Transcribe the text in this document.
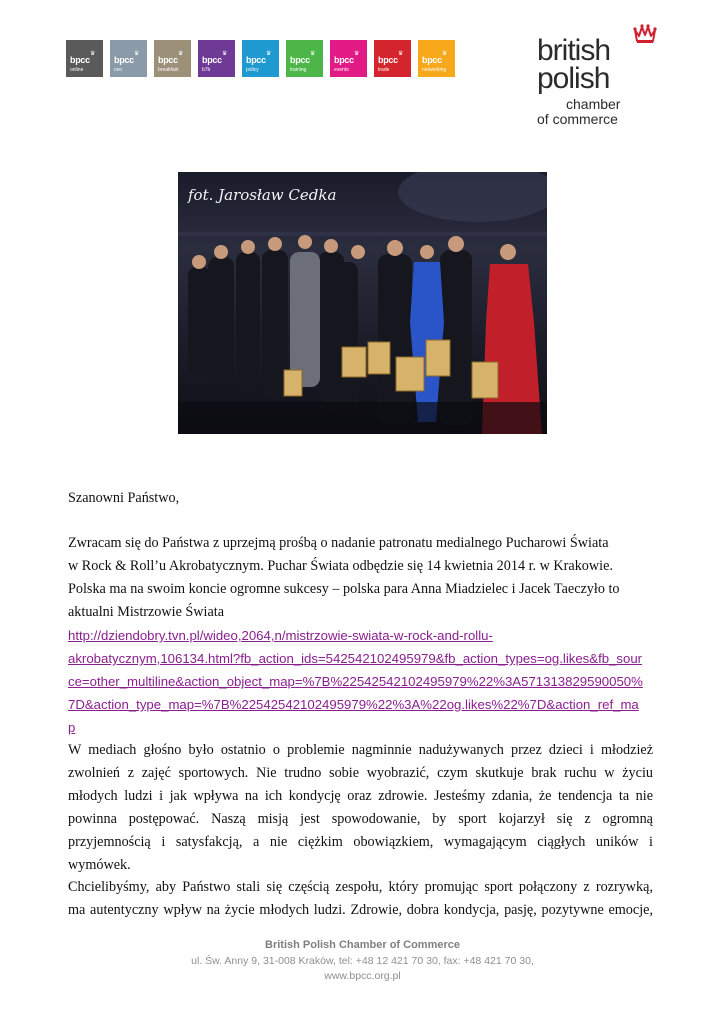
bpcc
♛
online
bpcc
♛
ceo
bpcc
♛
breakfast
bpcc
♛
b7b
bpcc
♛
policy
bpcc
♛
training
bpcc
♛
events
bpcc
♛
trade
bpcc
♛
networking
british
polish
chamber
of commerce
fot. Jarosław Cedka
Szanowni Państwo,
Zwracam się do Państwa z uprzejmą prośbą o nadanie patronatu medialnego Pucharowi Świata
w Rock & Roll’u Akrobatycznym. Puchar Świata odbędzie się 14 kwietnia 2014 r. w Krakowie.
Polska ma na swoim koncie ogromne sukcesy – polska para Anna Miadzielec i Jacek Taeczyło to
aktualni Mistrzowie Świata
http://dziendobry.tvn.pl/wideo,2064,n/mistrzowie-swiata-w-rock-and-rollu-
akrobatycznym,106134.html?fb_action_ids=542542102495979&fb_action_types=og.likes&fb_sour
ce=other_multiline&action_object_map=%7B%22542542102495979%22%3A571313829590050%
7D&action_type_map=%7B%22542542102495979%22%3A%22og.likes%22%7D&action_ref_ma
p
W mediach głośno było ostatnio o problemie nagminnie nadużywanych przez dzieci i młodzież
zwolnień z zajęć sportowych. Nie trudno sobie wyobrazić, czym skutkuje brak ruchu w życiu
młodych ludzi i jak wpływa na ich kondycję oraz zdrowie. Jesteśmy zdania, że tendencja ta nie
powinna postępować. Naszą misją jest spowodowanie, by sport kojarzył się z ogromną
przyjemnością i satysfakcją, a nie ciężkim obowiązkiem, wymagającym ciągłych uników i
wymówek.
Chcielibyśmy, aby Państwo stali się częścią zespołu, który promując sport połączony z rozrywką,
ma autentyczny wpływ na życie młodych ludzi. Zdrowie, dobra kondycja, pasję, pozytywne emocje,
British Polish Chamber of Commerce
ul. Św. Anny 9, 31-008 Kraków, tel: +48 12 421 70 30, fax: +48 421 70 30,
www.bpcc.org.pl
